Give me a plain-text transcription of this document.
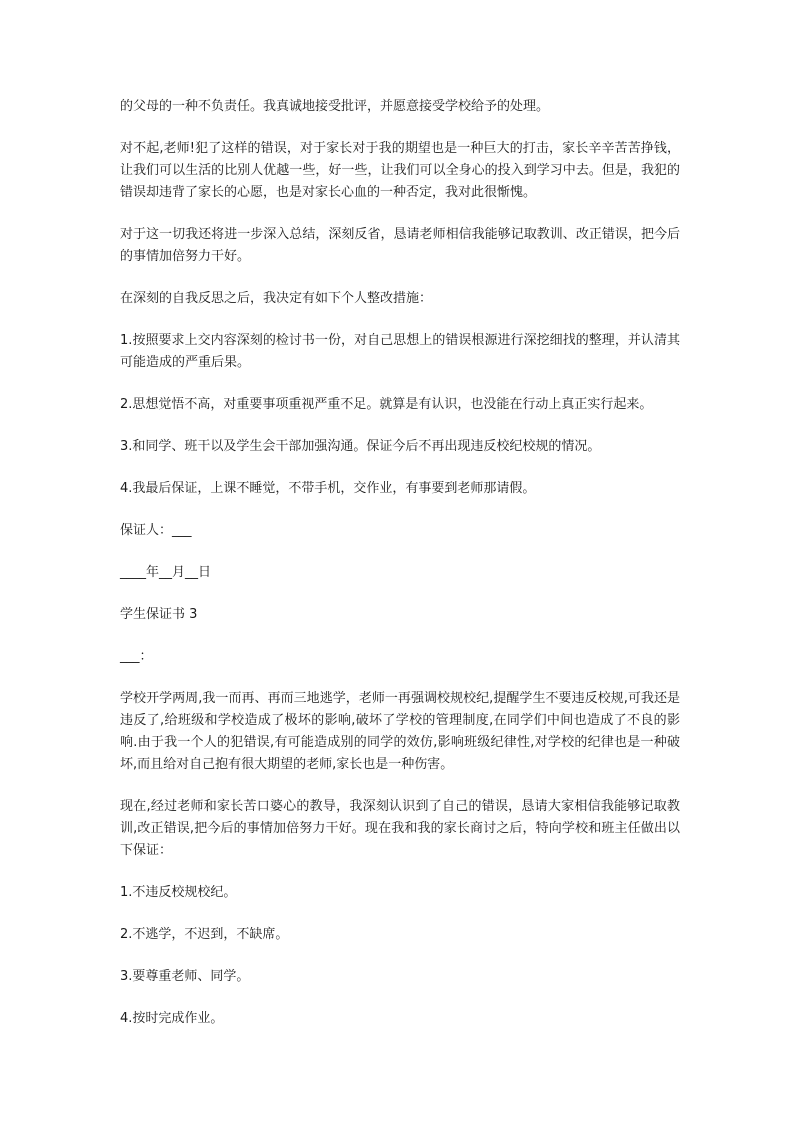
的父母的一种不负责任。我真诚地接受批评，并愿意接受学校给予的处理。

对不起,老师!犯了这样的错误，对于家长对于我的期望也是一种巨大的打击，家长辛辛苦苦挣钱，让我们可以生活的比别人优越一些，好一些，让我们可以全身心的投入到学习中去。但是，我犯的错误却违背了家长的心愿，也是对家长心血的一种否定，我对此很惭愧。

对于这一切我还将进一步深入总结，深刻反省，恳请老师相信我能够记取教训、改正错误，把今后的事情加倍努力干好。

在深刻的自我反思之后，我决定有如下个人整改措施：

1.按照要求上交内容深刻的检讨书一份，对自己思想上的错误根源进行深挖细找的整理，并认清其可能造成的严重后果。

2.思想觉悟不高，对重要事项重视严重不足。就算是有认识，也没能在行动上真正实行起来。

3.和同学、班干以及学生会干部加强沟通。保证今后不再出现违反校纪校规的情况。

4.我最后保证，上课不睡觉，不带手机，交作业，有事要到老师那请假。

保证人：___

____年__月__日

学生保证书 3

___：

学校开学两周,我一而再、再而三地逃学，老师一再强调校规校纪,提醒学生不要违反校规,可我还是违反了,给班级和学校造成了极坏的影响,破坏了学校的管理制度,在同学们中间也造成了不良的影响.由于我一个人的犯错误,有可能造成别的同学的效仿,影响班级纪律性,对学校的纪律也是一种破坏,而且给对自己抱有很大期望的老师,家长也是一种伤害。

现在,经过老师和家长苦口婆心的教导，我深刻认识到了自己的错误，恳请大家相信我能够记取教训,改正错误,把今后的事情加倍努力干好。现在我和我的家长商讨之后，特向学校和班主任做出以下保证：

1.不违反校规校纪。

2.不逃学，不迟到，不缺席。

3.要尊重老师、同学。

4.按时完成作业。
